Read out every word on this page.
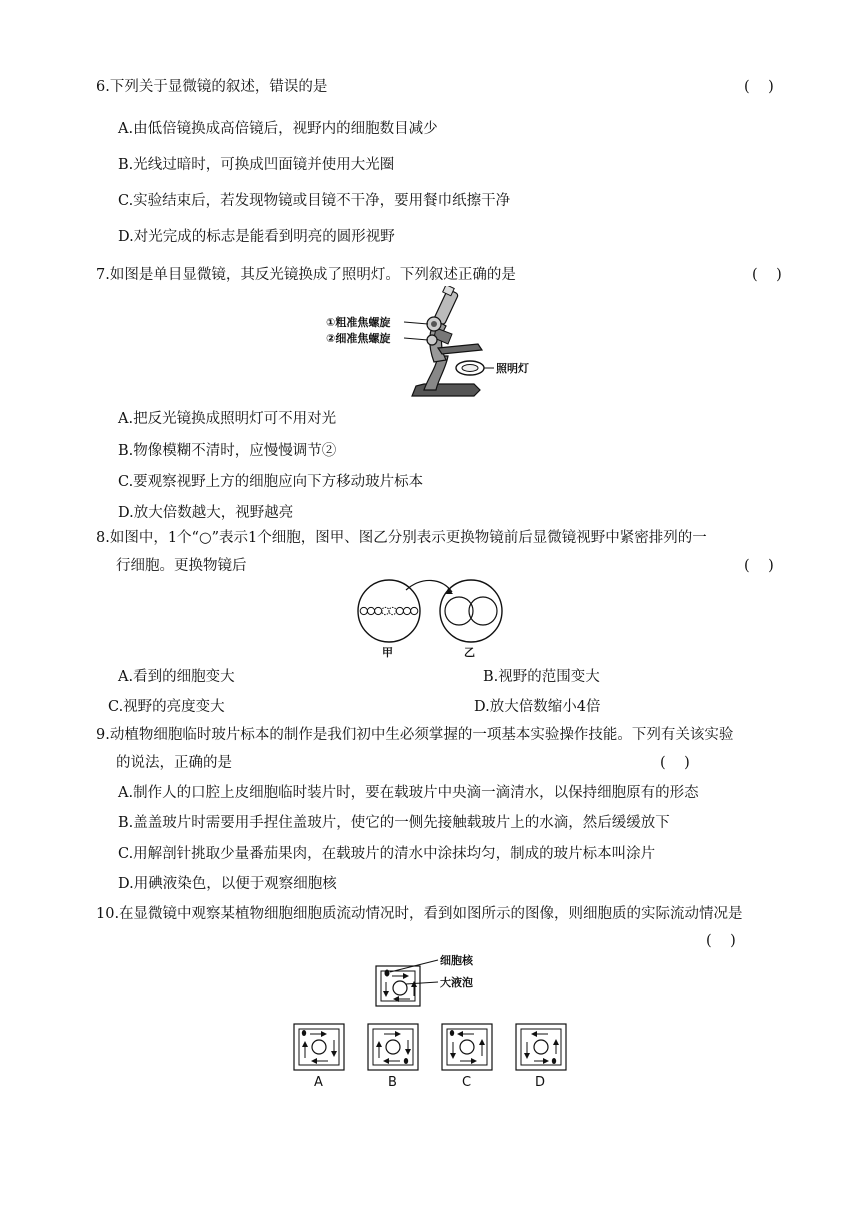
6.下列关于显微镜的叙述，错误的是	(    )
A.由低倍镜换成高倍镜后，视野内的细胞数目减少
B.光线过暗时，可换成凹面镜并使用大光圈
C.实验结束后，若发现物镜或目镜不干净，要用餐巾纸擦干净
D.对光完成的标志是能看到明亮的圆形视野
7.如图是单目显微镜，其反光镜换成了照明灯。下列叙述正确的是	(    )
①粗准焦螺旋
②细准焦螺旋
照明灯
A.把反光镜换成照明灯可不用对光
B.物像模糊不清时，应慢慢调节②
C.要观察视野上方的细胞应向下方移动玻片标本
D.放大倍数越大，视野越亮
8.如图中，1个“○”表示1个细胞，图甲、图乙分别表示更换物镜前后显微镜视野中紧密排列的一
行细胞。更换物镜后	(    )
甲	乙
A.看到的细胞变大	B.视野的范围变大
C.视野的亮度变大	D.放大倍数缩小4倍
9.动植物细胞临时玻片标本的制作是我们初中生必须掌握的一项基本实验操作技能。下列有关该实验
的说法，正确的是	(    )
A.制作人的口腔上皮细胞临时装片时，要在载玻片中央滴一滴清水，以保持细胞原有的形态
B.盖盖玻片时需要用手捏住盖玻片，使它的一侧先接触载玻片上的水滴，然后缓缓放下
C.用解剖针挑取少量番茄果肉，在载玻片的清水中涂抹均匀，制成的玻片标本叫涂片
D.用碘液染色，以便于观察细胞核
10.在显微镜中观察某植物细胞细胞质流动情况时，看到如图所示的图像，则细胞质的实际流动情况是
(    )
细胞核
大液泡
A	B	C	D
